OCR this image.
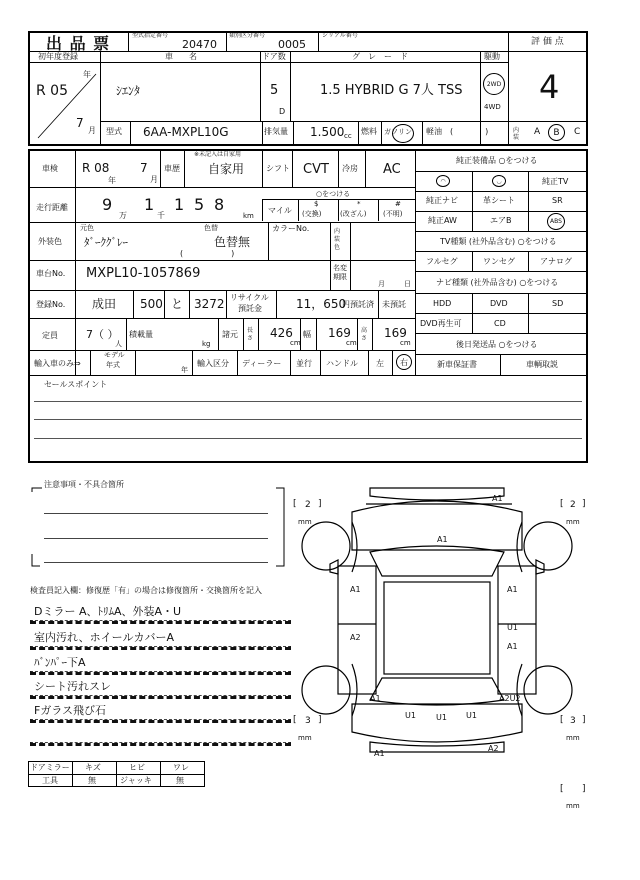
出 品 票	型式指定番号
20470
類別区分番号
0005
シリアル番号
評 価 点
4
初年度登録	車　　名	ドア数	グ　レ　ー　ド	駆動
R 05
年
7
月
ｼｴﾝﾀ	5
D
1.5 HYBRID G 7人 TSS	2WD
4WD
型式 6AA-MXPL10G	排気量 1.500 cc 燃料 ガソリン 軽油 (　　　　)	内装
A B C
純正装備品 ○をつける
◠	◡	純正TV
純正ナビ	革シート	SR
純正AW	エアB	ABS
TV種類 (社外品含む) ○をつける
フルセグ	ワンセグ	アナログ
ナビ種類 (社外品含む) ○をつける
HDD	DVD	SD
DVD再生可	CD
後日発送品 ○をつける
新車保証書	車輌取説
車検 R 08
年
7
月
車歴
※未記入は自家用
自家用	シフト CVT 冷房 AC
走行距離 9
万
1
千
1 5 8
km
○をつける
マイル
$
(交換)
*
(改ざん)
#
(不明)
外装色
元色
ﾀﾞｰｸｸﾞﾚｰ
色替
色替無
(　　　　　　)
カラーNo.	内装色
車台No. MXPL10-1057869	名変期限
月	日
登録No. 成田 500 と 3272 リサイクル
預託金	11，650
円預託済 未預託
定員	7（ ）
人
積載量
kg
諸元 長さ 426
cm
幅 169
cm
高さ 169
cm
輸入車のみ⇒
モデル
年式
年
輸入区分 ディーラー 並行 ハンドル 左 右
セールスポイント
注意事項・不具合箇所
検査員記入欄：修復歴「有」の場合は修復箇所・交換箇所を記入
Dミラー A、ﾄﾘﾑA、外装A・U
室内汚れ、ホイールカバーA
ﾊﾞﾝﾊﾟｰ下A
シート汚れスレ
Fガラス飛び石
ドアミラー キズ	ヒビ	ワレ
工具	無	ジャッキ	無
[ 2 ]
mm
[ 2 ]
mm
[ 3 ]
mm
[ 3 ]
mm
[ ]
mm
A1
A1
A1	A1
A2
U1
A1
A1
U1	U1 U1
A2U2
A2
A1
